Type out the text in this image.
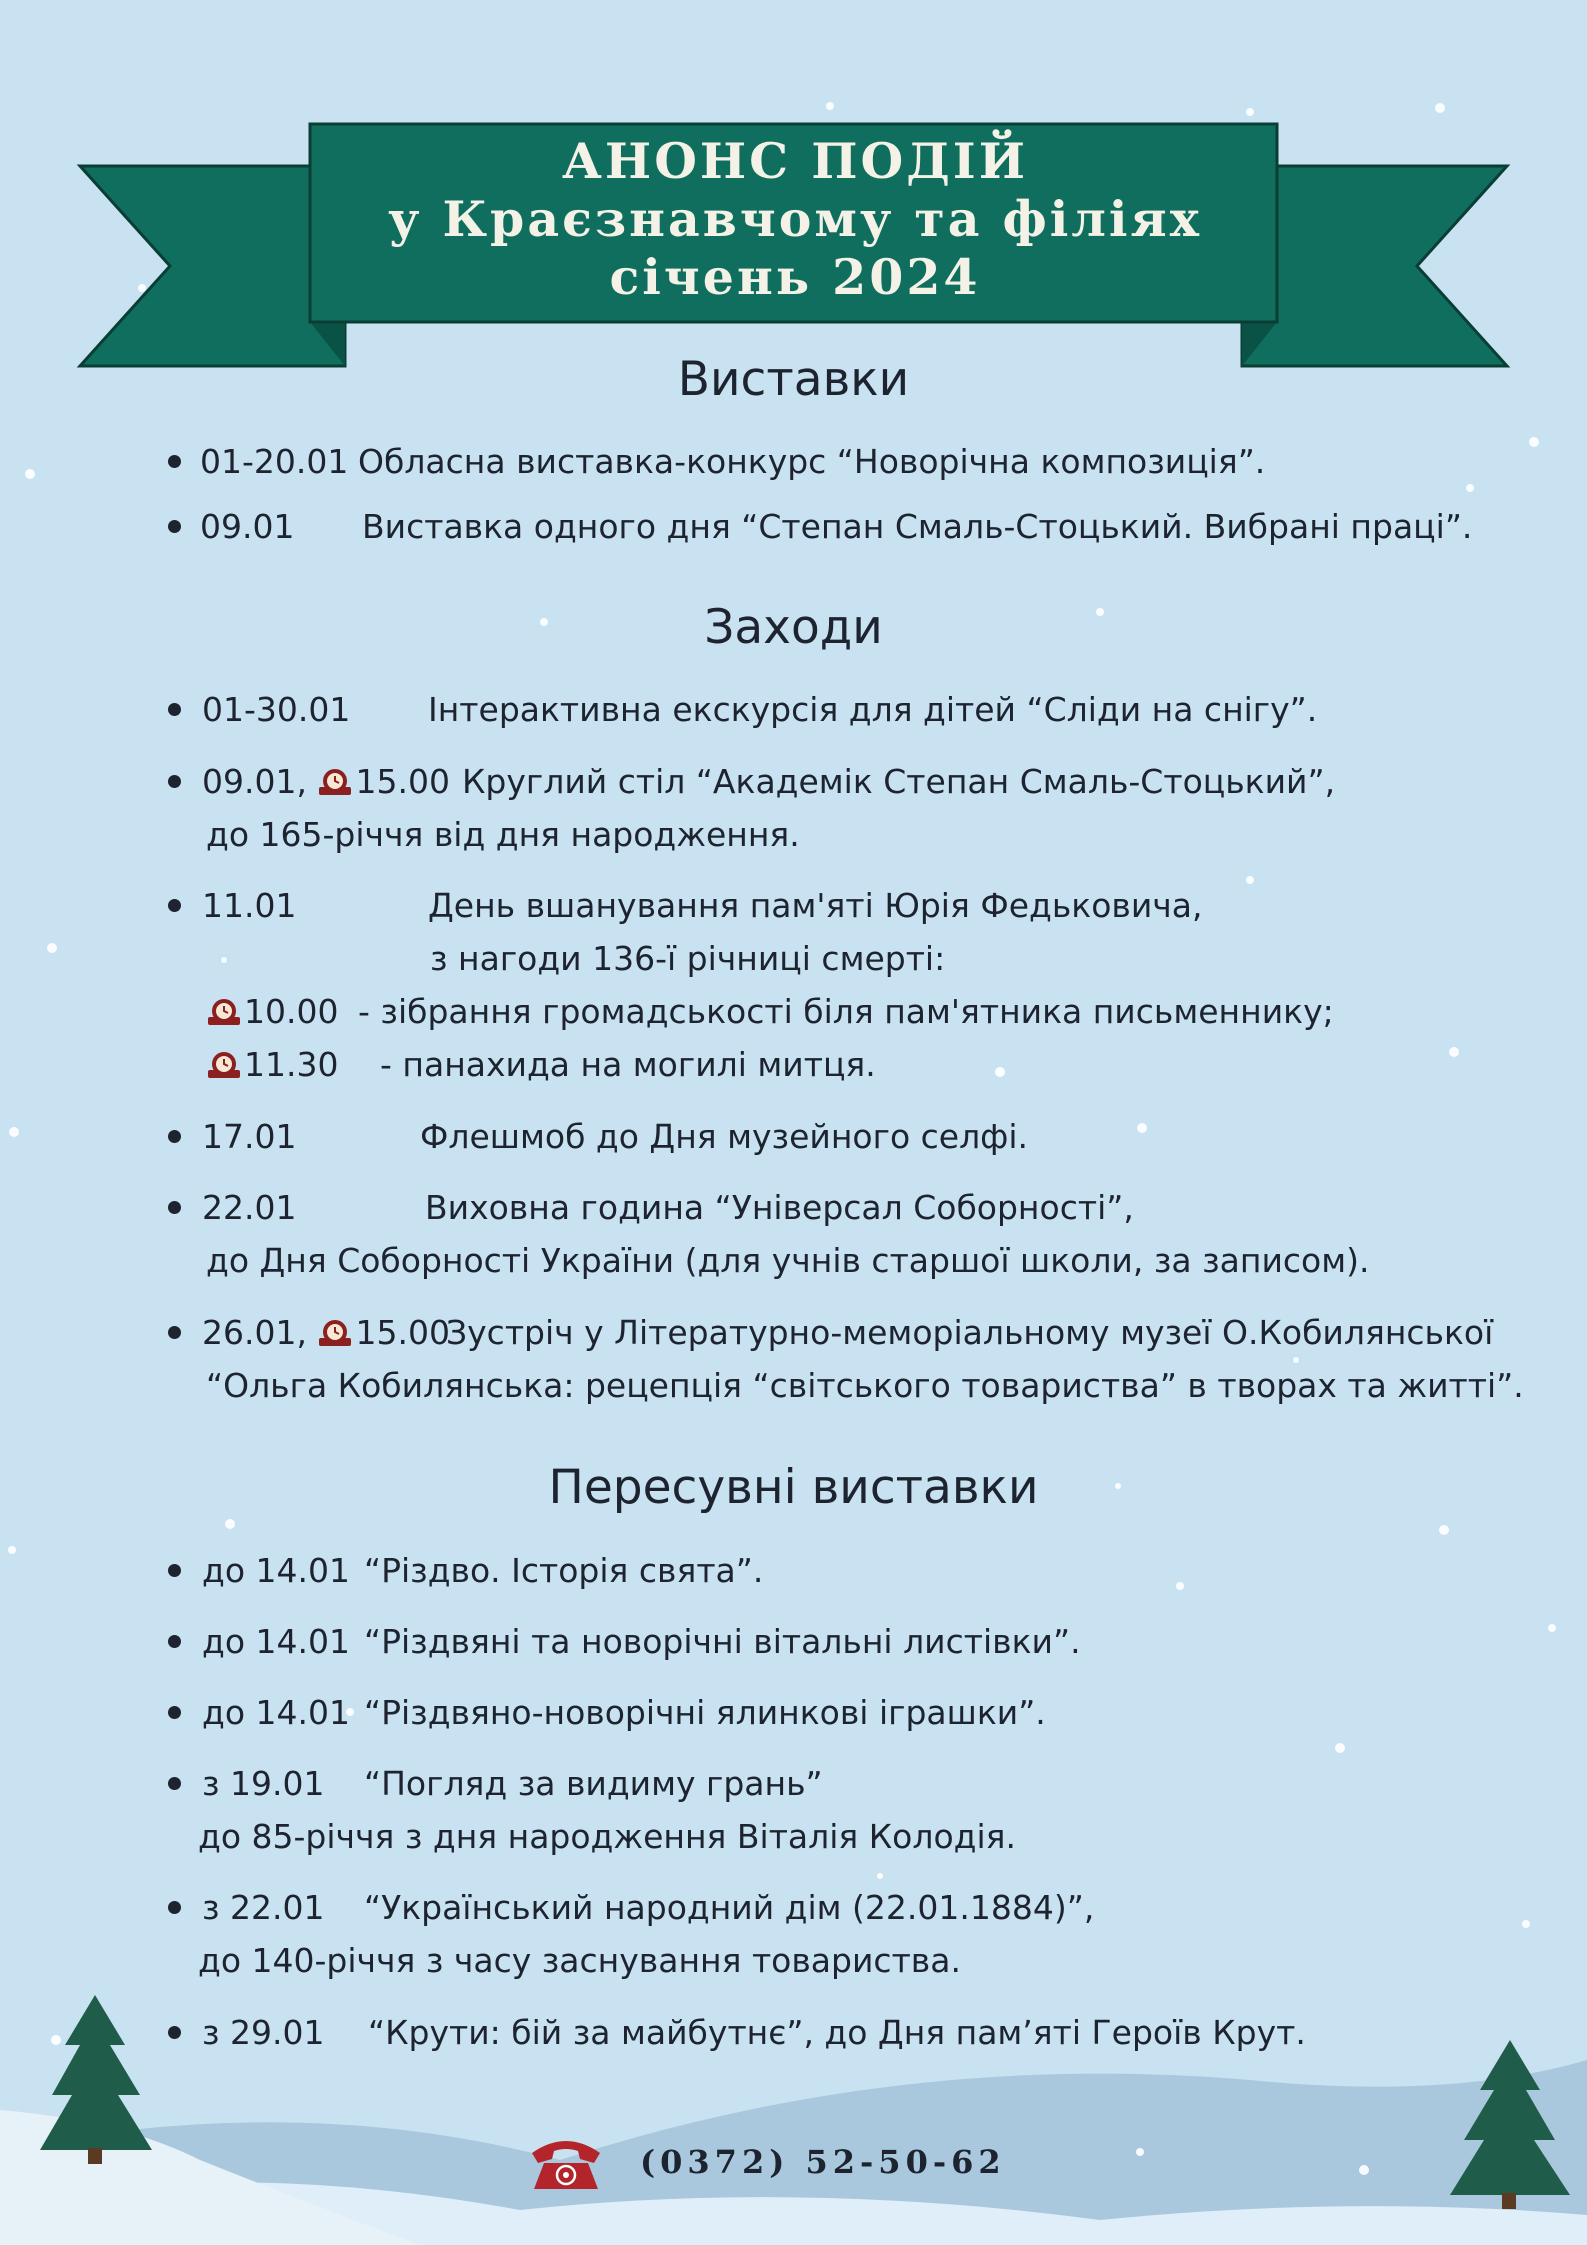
АНОНС ПОДІЙ
у Краєзнавчому та філіях
січень 2024
Виставки
01-20.01 Обласна виставка-конкурс “Новорічна композиція”.
09.01 Виставка одного дня “Степан Смаль-Стоцький. Вибрані праці”.
Заходи
01-30.01 Інтерактивна екскурсія для дітей “Сліди на снігу”.
09.01, 15.00 Круглий стіл “Академік Степан Смаль-Стоцький”,
до 165-річчя від дня народження.
11.01	День вшанування пам'яті Юрія Федьковича,
з нагоди 136-ї річниці смерті:
10.00 - зібрання громадськості біля пам'ятника письменнику;
11.30 - панахида на могилі митця.
17.01	Флешмоб до Дня музейного селфі.
22.01	Виховна година “Універсал Соборності”,
до Дня Соборності України (для учнів старшої школи, за записом).
26.01, 15.00
Зустріч у Літературно-меморіальному музеї О.Кобилянської
“Ольга Кобилянська: рецепція “світського товариства” в творах та житті”.
Пересувні виставки
до 14.01 “Різдво. Історія свята”.
до 14.01 “Різдвяні та новорічні вітальні листівки”.
до 14.01 “Різдвяно-новорічні ялинкові іграшки”.
з 19.01 “Погляд за видиму грань”
до 85-річчя з дня народження Віталія Колодія.
з 22.01 “Український народний дім (22.01.1884)”,
до 140-річчя з часу заснування товариства.
з 29.01 “Крути: бій за майбутнє”, до Дня пам’яті Героїв Крут.
(0372) 52-50-62
